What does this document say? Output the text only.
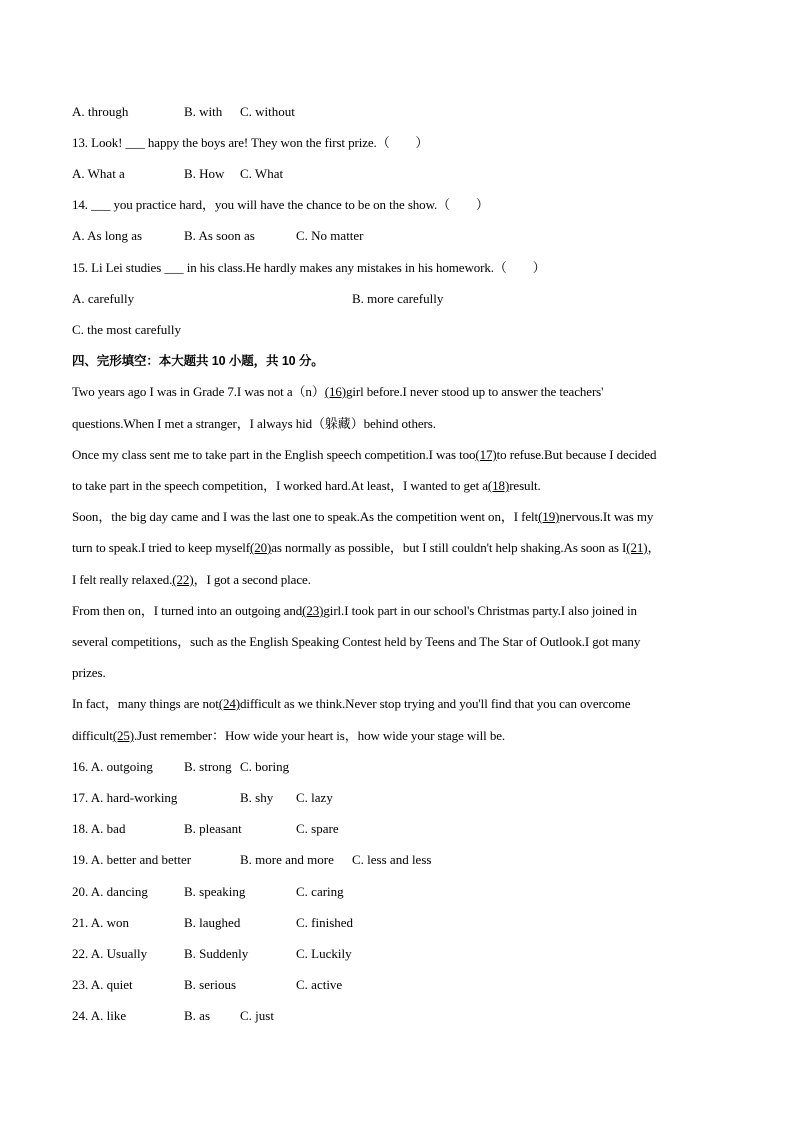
A. through	B. with C. without
13. Look! ___ happy the boys are! They won the first prize.（　　）
A. What a	B. How C. What
14. ___ you practice hard，you will have the chance to be on the show.（　　）
A. As long as	B. As soon as	C. No matter
15. Li Lei studies ___ in his class.He hardly makes any mistakes in his homework.（　　）
A. carefully	B. more carefully
C. the most carefully
四、完形填空：本大题共 10 小题，共 10 分。
Two years ago I was in Grade 7.I was not a（n）(16)girl before.I never stood up to answer the teachers'
questions.When I met a stranger，I always hid（躲藏）behind others.
Once my class sent me to take part in the English speech competition.I was too(17)to refuse.But because I decided
to take part in the speech competition，I worked hard.At least，I wanted to get a(18)result.
Soon，the big day came and I was the last one to speak.As the competition went on，I felt(19)nervous.It was my
turn to speak.I tried to keep myself(20)as normally as possible，but I still couldn't help shaking.As soon as I(21)，
I felt really relaxed.(22)，I got a second place.
From then on，I turned into an outgoing and(23)girl.I took part in our school's Christmas party.I also joined in
several competitions，such as the English Speaking Contest held by Teens and The Star of Outlook.I got many
prizes.
In fact，many things are not(24)difficult as we think.Never stop trying and you'll find that you can overcome
difficult(25).Just remember：How wide your heart is，how wide your stage will be.
16. A. outgoing B. strong C. boring
17. A. hard-working	B. shy C. lazy
18. A. bad	B. pleasant	C. spare
19. A. better and better	B. more and more C. less and less
20. A. dancing	B. speaking	C. caring
21. A. won	B. laughed	C. finished
22. A. Usually	B. Suddenly	C. Luckily
23. A. quiet	B. serious	C. active
24. A. like	B. as C. just
